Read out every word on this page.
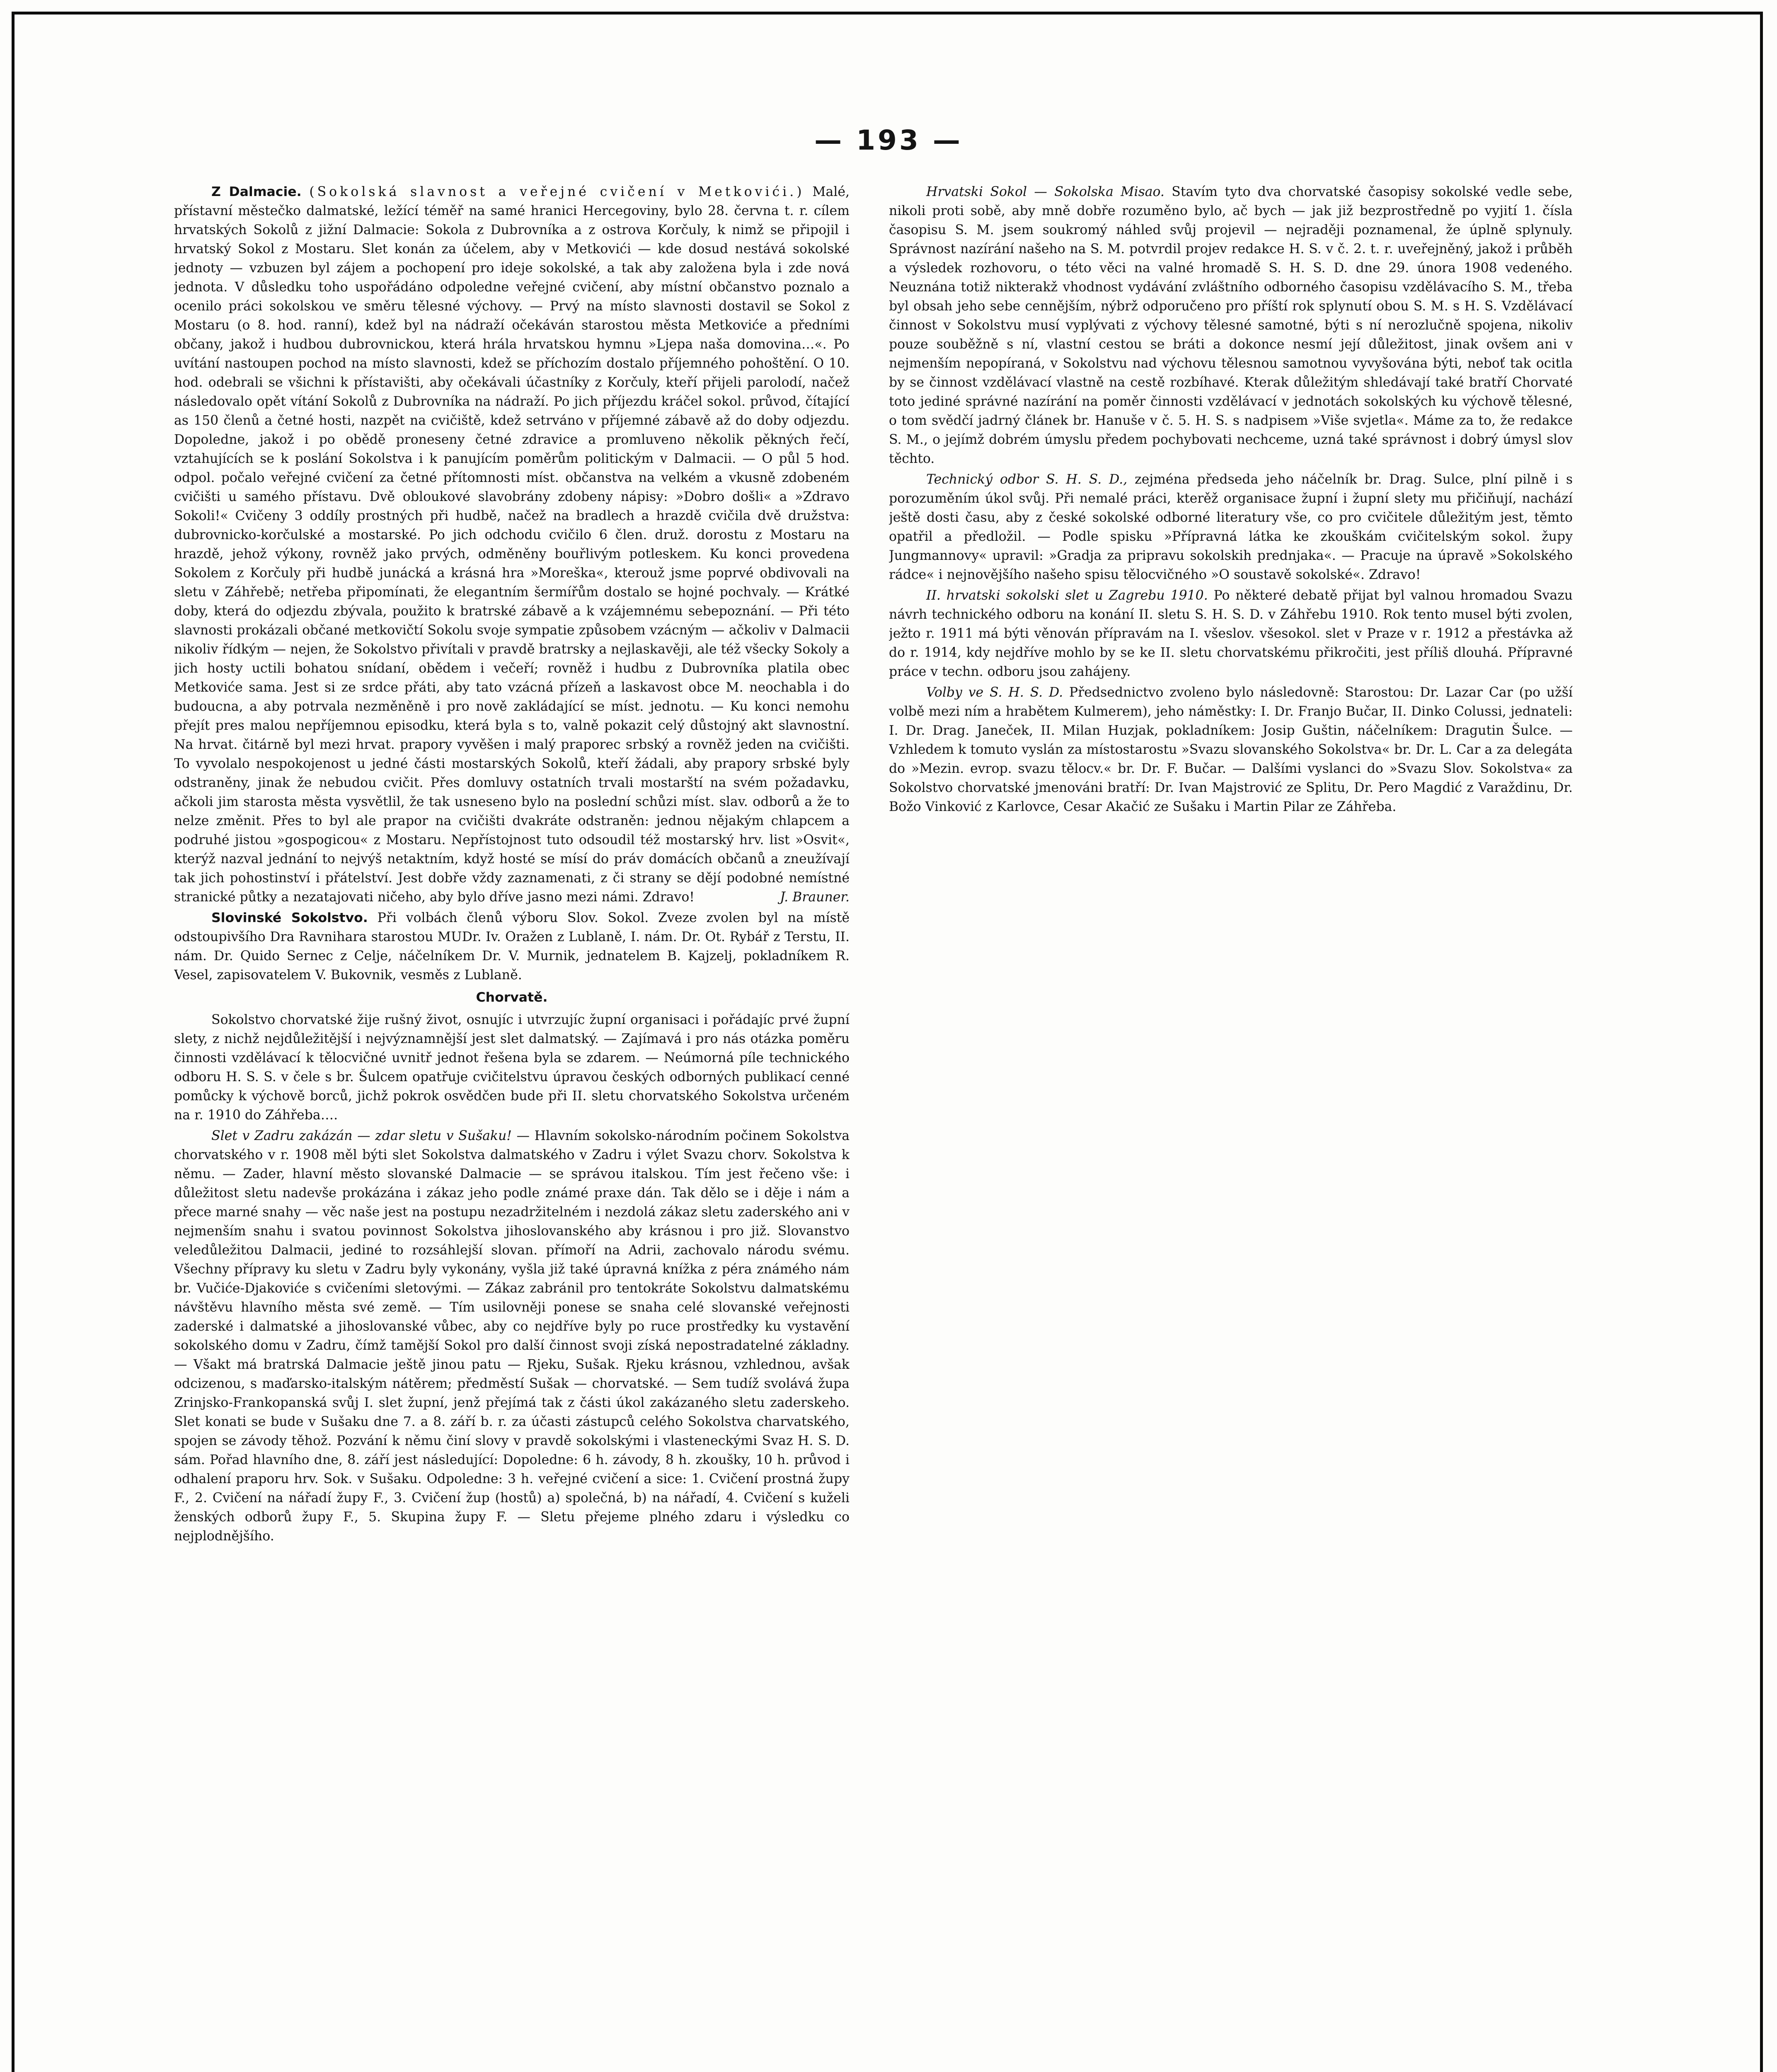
— 193 —

Z Dalmacie. (Sokolská slavnost a veřejné cvičení v Metkovići.) Malé, přístavní městečko dalmatské, ležící téměř na samé hranici Hercegoviny, bylo 28. června t. r. cílem hrvatských Sokolů z jižní Dalmacie: Sokola z Dubrovníka a z ostrova Korčuly, k nimž se připojil i hrvatský Sokol z Mostaru. Slet konán za účelem, aby v Metkovići — kde dosud nestává sokolské jednoty — vzbuzen byl zájem a pochopení pro ideje sokolské, a tak aby založena byla i zde nová jednota. V důsledku toho uspořádáno odpoledne veřejné cvičení, aby místní občanstvo poznalo a ocenilo práci sokolskou ve směru tělesné výchovy. — Prvý na místo slavnosti dostavil se Sokol z Mostaru (o 8. hod. ranní), kdež byl na nádraží očekáván starostou města Metkoviće a předními občany, jakož i hudbou dubrovnickou, která hrála hrvatskou hymnu »Ljepa naša domovina…«. Po uvítání nastoupen pochod na místo slavnosti, kdež se příchozím dostalo příjemného pohoštění. O 10. hod. odebrali se všichni k přístavišti, aby očekávali účastníky z Korčuly, kteří přijeli parolodí, načež následovalo opět vítání Sokolů z Dubrovníka na nádraží. Po jich příjezdu kráčel sokol. průvod, čítající as 150 členů a četné hosti, nazpět na cvičiště, kdež setrváno v příjemné zábavě až do doby odjezdu. Dopoledne, jakož i po obědě proneseny četné zdravice a promluveno několik pěkných řečí, vztahujících se k poslání Sokolstva i k panujícím poměrům politickým v Dalmacii. — O půl 5 hod. odpol. počalo veřejné cvičení za četné přítomnosti míst. občanstva na velkém a vkusně zdobeném cvičišti u samého přístavu. Dvě obloukové slavobrány zdobeny nápisy: »Dobro došli« a »Zdravo Sokoli!« Cvičeny 3 oddíly prostných při hudbě, načež na bradlech a hrazdě cvičila dvě družstva: dubrovnicko-korčulské a mostarské. Po jich odchodu cvičilo 6 člen. druž. dorostu z Mostaru na hrazdě, jehož výkony, rovněž jako prvých, odměněny bouřlivým potleskem. Ku konci provedena Sokolem z Korčuly při hudbě junácká a krásná hra »Moreška«, kterouž jsme poprvé obdivovali na sletu v Záhřebě; netřeba připomínati, že elegantním šermířům dostalo se hojné pochvaly. — Krátké doby, která do odjezdu zbývala, použito k bratrské zábavě a k vzájemnému sebepoznání. — Při této slavnosti prokázali občané metkovičtí Sokolu svoje sympatie způsobem vzácným — ačkoliv v Dalmacii nikoliv řídkým — nejen, že Sokolstvo přivítali v pravdě bratrsky a nejlaskavěji, ale též všecky Sokoly a jich hosty uctili bohatou snídaní, obědem i večeří; rovněž i hudbu z Dubrovníka platila obec Metkoviće sama. Jest si ze srdce přáti, aby tato vzácná přízeň a laskavost obce M. neochabla i do budoucna, a aby potrvala nezměněně i pro nově zakládající se míst. jednotu. — Ku konci nemohu přejít pres malou nepříjemnou episodku, která byla s to, valně pokazit celý důstojný akt slavnostní. Na hrvat. čitárně byl mezi hrvat. prapory vyvěšen i malý praporec srbský a rovněž jeden na cvičišti. To vyvolalo nespokojenost u jedné části mostarských Sokolů, kteří žádali, aby prapory srbské byly odstraněny, jinak že nebudou cvičit. Přes domluvy ostatních trvali mostarští na svém požadavku, ačkoli jim starosta města vysvětlil, že tak usneseno bylo na poslední schůzi míst. slav. odborů a že to nelze změnit. Přes to byl ale prapor na cvičišti dvakráte odstraněn: jednou nějakým chlapcem a podruhé jistou »gospogicou« z Mostaru. Nepřístojnost tuto odsoudil též mostarský hrv. list »Osvit«, kterýž nazval jednání to nejvýš netaktním, když hosté se mísí do práv domácích občanů a zneužívají tak jich pohostinství i přátelství. Jest dobře vždy zaznamenati, z či strany se dějí podobné nemístné stranické půtky a nezatajovati ničeho, aby bylo dříve jasno mezi námi. Zdravo!	J. Brauner.

Slovinské Sokolstvo. Při volbách členů výboru Slov. Sokol. Zveze zvolen byl na místě odstoupivšího Dra Ravnihara starostou MUDr. Iv. Oražen z Lublaně, I. nám. Dr. Ot. Rybář z Terstu, II. nám. Dr. Quido Sernec z Celje, náčelníkem Dr. V. Murnik, jednatelem B. Kajzelj, pokladníkem R. Vesel, zapisovatelem V. Bukovnik, vesměs z Lublaně.

Chorvatě.

Sokolstvo chorvatské žije rušný život, osnujíc i utvrzujíc župní organisaci i pořádajíc prvé župní slety, z nichž nejdůležitější i nejvýznamnější jest slet dalmatský. — Zajímavá i pro nás otázka poměru činnosti vzdělávací k tělocvičné uvnitř jednot řešena byla se zdarem. — Neúmorná píle technického odboru H. S. S. v čele s br. Šulcem opatřuje cvičitelstvu úpravou českých odborných publikací cenné pomůcky k výchově borců, jichž pokrok osvědčen bude při II. sletu chorvatského Sokolstva určeném na r. 1910 do Záhřeba….

Slet v Zadru zakázán — zdar sletu v Sušaku! — Hlavním sokolsko-národním počinem Sokolstva chorvatského v r. 1908 měl býti slet Sokolstva dalmatského v Zadru i výlet Svazu chorv. Sokolstva k němu. — Zader, hlavní město slovanské Dalmacie — se správou italskou. Tím jest řečeno vše: i důležitost sletu nadevše prokázána i zákaz jeho podle známé praxe dán. Tak dělo se i děje i nám a přece marné snahy — věc naše jest na postupu nezadržitelném i nezdolá zákaz sletu zaderského ani v nejmenším snahu i svatou povinnost Sokolstva jihoslovanského aby krásnou i pro již. Slovanstvo veledůležitou Dalmacii, jediné to rozsáhlejší slovan. přímoří na Adrii, zachovalo národu svému. Všechny přípravy ku sletu v Zadru byly vykonány, vyšla již také úpravná knížka z péra známého nám br. Vučiće-Djakoviće s cvičeními sletovými. — Zákaz zabránil pro tentokráte Sokolstvu dalmatskému návštěvu hlavního města své země. — Tím usilovněji ponese se snaha celé slovanské veřejnosti zaderské i dalmatské a jihoslovanské vůbec, aby co nejdříve byly po ruce prostředky ku vystavění sokolského domu v Zadru, čímž tamější Sokol pro další činnost svoji získá nepostradatelné základny. — Všakt má bratrská Dalmacie ještě jinou patu — Rjeku, Sušak. Rjeku krásnou, vzhlednou, avšak odcizenou, s maďarsko-italským nátěrem; předměstí Sušak — chorvatské. — Sem tudíž svolává župa Zrinjsko-Frankopanská svůj I. slet župní, jenž přejímá tak z části úkol zakázaného sletu zaderskeho. Slet konati se bude v Sušaku dne 7. a 8. září b. r. za účasti zástupců celého Sokolstva charvatského, spojen se závody těhož. Pozvání k němu činí slovy v pravdě sokolskými i vlasteneckými Svaz H. S. D. sám. Pořad hlavního dne, 8. září jest následující: Dopoledne: 6 h. závody, 8 h. zkoušky, 10 h. průvod i odhalení praporu hrv. Sok. v Sušaku. Odpoledne: 3 h. veřejné cvičení a sice: 1. Cvičení prostná župy F., 2. Cvičení na nářadí župy F., 3. Cvičení žup (hostů) a) společná, b) na nářadí, 4. Cvičení s kuželi ženských odborů župy F., 5. Skupina župy F. — Sletu přejeme plného zdaru i výsledku co nejplodnějšího.

Hrvatski Sokol — Sokolska Misao. Stavím tyto dva chorvatské časopisy sokolské vedle sebe, nikoli proti sobě, aby mně dobře rozuměno bylo, ač bych — jak již bezprostředně po vyjití 1. čísla časopisu S. M. jsem soukromý náhled svůj projevil — nejraději poznamenal, že úplně splynuly. Správnost nazírání našeho na S. M. potvrdil projev redakce H. S. v č. 2. t. r. uveřejněný, jakož i průběh a výsledek rozhovoru, o této věci na valné hromadě S. H. S. D. dne 29. února 1908 vedeného. Neuznána totiž nikterakž vhodnost vydávání zvláštního odborného časopisu vzdělávacího S. M., třeba byl obsah jeho sebe cennějším, nýbrž odporučeno pro příští rok splynutí obou S. M. s H. S. Vzdělávací činnost v Sokolstvu musí vyplývati z výchovy tělesné samotné, býti s ní nerozlučně spojena, nikoliv pouze souběžně s ní, vlastní cestou se bráti a dokonce nesmí její důležitost, jinak ovšem ani v nejmenším nepopíraná, v Sokolstvu nad výchovu tělesnou samotnou vyvyšována býti, neboť tak ocitla by se činnost vzdělávací vlastně na cestě rozbíhavé. Kterak důležitým shledávají také bratří Chorvaté toto jediné správné nazírání na poměr činnosti vzdělávací v jednotách sokolských ku výchově tělesné, o tom svědčí jadrný článek br. Hanuše v č. 5. H. S. s nadpisem »Više svjetla«. Máme za to, že redakce S. M., o jejímž dobrém úmyslu předem pochybovati nechceme, uzná také správnost i dobrý úmysl slov těchto.

Technický odbor S. H. S. D., zejména předseda jeho náčelník br. Drag. Sulce, plní pilně i s porozuměním úkol svůj. Při nemalé práci, kterěž organisace župní i župní slety mu přičiňují, nachází ještě dosti času, aby z české sokolské odborné literatury vše, co pro cvičitele důležitým jest, těmto opatřil a předložil. — Podle spisku »Přípravná látka ke zkouškám cvičitelským sokol. župy Jungmannovy« upravil: »Gradja za pripravu sokolskih prednjaka«. — Pracuje na úpravě »Sokolského rádce« i nejnovějšího našeho spisu tělocvičného »O soustavě sokolské«. Zdravo!

II. hrvatski sokolski slet u Zagrebu 1910. Po některé debatě přijat byl valnou hromadou Svazu návrh technického odboru na konání II. sletu S. H. S. D. v Záhřebu 1910. Rok tento musel býti zvolen, ježto r. 1911 má býti věnován přípravám na I. všeslov. všesokol. slet v Praze v r. 1912 a přestávka až do r. 1914, kdy nejdříve mohlo by se ke II. sletu chorvatskému přikročiti, jest příliš dlouhá. Přípravné práce v techn. odboru jsou zahájeny.

Volby ve S. H. S. D. Předsednictvo zvoleno bylo následovně: Starostou: Dr. Lazar Car (po užší volbě mezi ním a hrabětem Kulmerem), jeho náměstky: I. Dr. Franjo Bučar, II. Dinko Colussi, jednateli: I. Dr. Drag. Janeček, II. Milan Huzjak, pokladníkem: Josip Guštin, náčelníkem: Dragutin Šulce. — Vzhledem k tomuto vyslán za místostarostu »Svazu slovanského Sokolstva« br. Dr. L. Car a za delegáta do »Mezin. evrop. svazu tělocv.« br. Dr. F. Bučar. — Dalšími vyslanci do »Svazu Slov. Sokolstva« za Sokolstvo chorvatské jmenováni bratří: Dr. Ivan Majstrović ze Splitu, Dr. Pero Magdić z Varaždinu, Dr. Božo Vinković z Karlovce, Cesar Akačić ze Sušaku i Martin Pilar ze Záhřeba.
